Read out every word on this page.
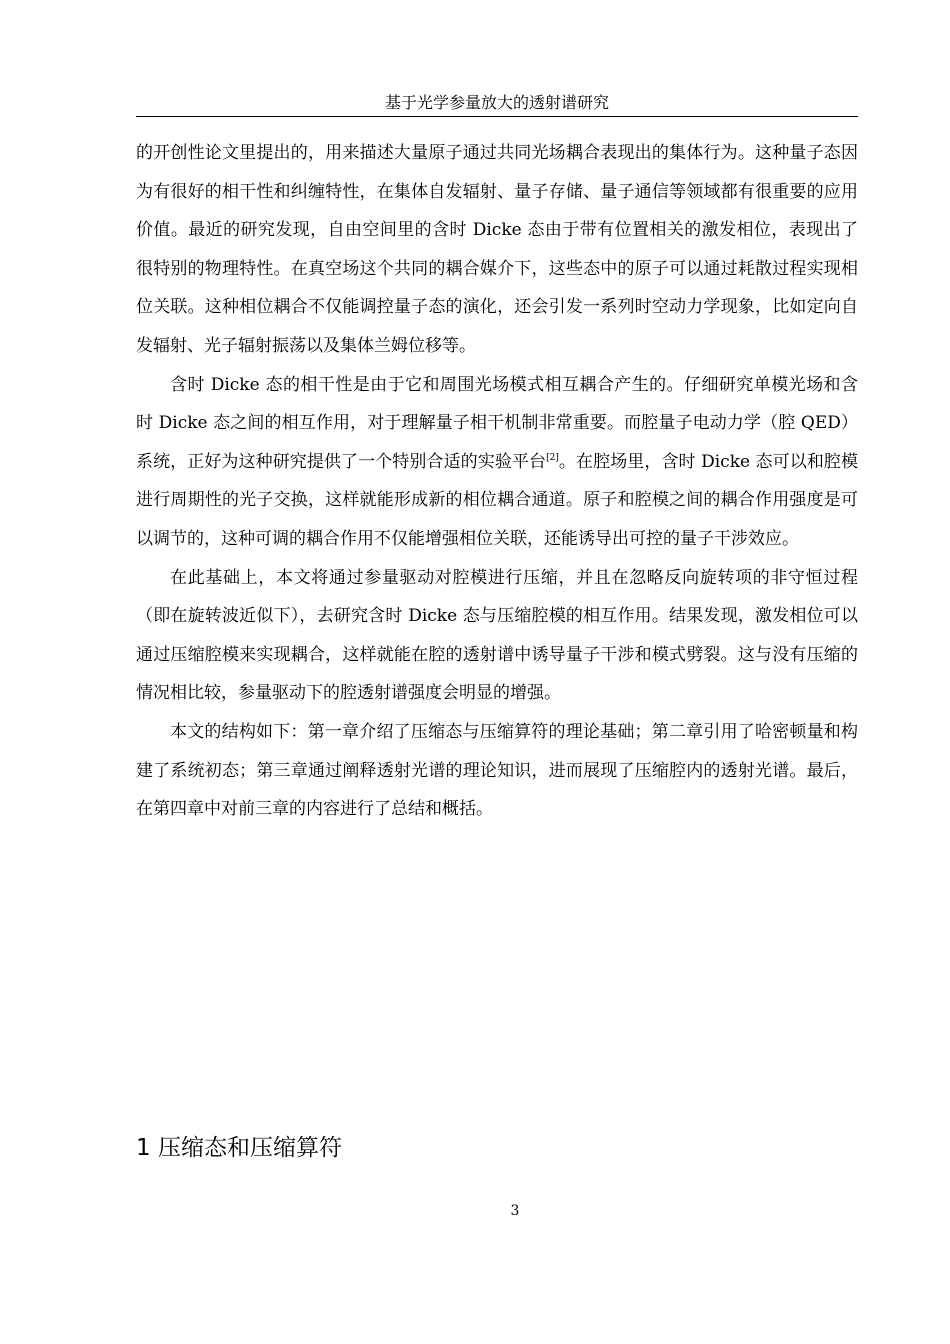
基于光学参量放大的透射谱研究

的开创性论文里提出的，用来描述大量原子通过共同光场耦合表现出的集体行为。这种量子态因为有很好的相干性和纠缠特性，在集体自发辐射、量子存储、量子通信等领域都有很重要的应用价值。最近的研究发现，自由空间里的含时 Dicke 态由于带有位置相关的激发相位，表现出了很特别的物理特性。在真空场这个共同的耦合媒介下，这些态中的原子可以通过耗散过程实现相位关联。这种相位耦合不仅能调控量子态的演化，还会引发一系列时空动力学现象，比如定向自发辐射、光子辐射振荡以及集体兰姆位移等。

含时 Dicke 态的相干性是由于它和周围光场模式相互耦合产生的。仔细研究单模光场和含时 Dicke 态之间的相互作用，对于理解量子相干机制非常重要。而腔量子电动力学（腔 QED）系统，正好为这种研究提供了一个特别合适的实验平台[2]。在腔场里，含时 Dicke 态可以和腔模进行周期性的光子交换，这样就能形成新的相位耦合通道。原子和腔模之间的耦合作用强度是可以调节的，这种可调的耦合作用不仅能增强相位关联，还能诱导出可控的量子干涉效应。

在此基础上，本文将通过参量驱动对腔模进行压缩，并且在忽略反向旋转项的非守恒过程（即在旋转波近似下），去研究含时 Dicke 态与压缩腔模的相互作用。结果发现，激发相位可以通过压缩腔模来实现耦合，这样就能在腔的透射谱中诱导量子干涉和模式劈裂。这与没有压缩的情况相比较，参量驱动下的腔透射谱强度会明显的增强。

本文的结构如下：第一章介绍了压缩态与压缩算符的理论基础；第二章引用了哈密顿量和构建了系统初态；第三章通过阐释透射光谱的理论知识，进而展现了压缩腔内的透射光谱。最后，在第四章中对前三章的内容进行了总结和概括。

1 压缩态和压缩算符
3
